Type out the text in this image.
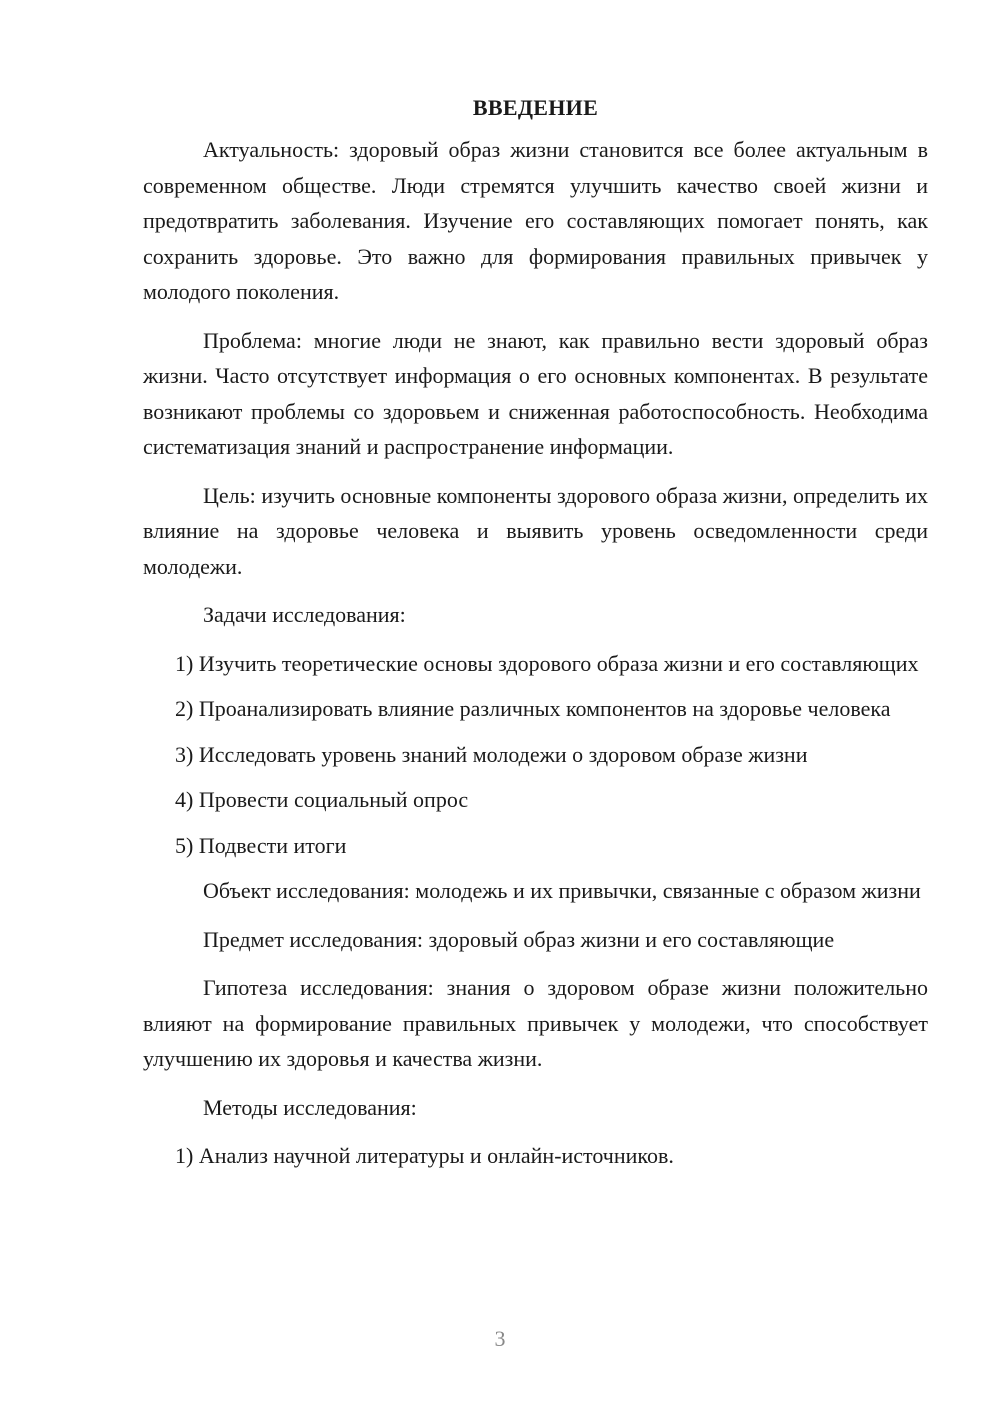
ВВЕДЕНИЕ

Актуальность: здоровый образ жизни становится все более актуальным в современном обществе. Люди стремятся улучшить качество своей жизни и предотвратить заболевания. Изучение его составляющих помогает понять, как сохранить здоровье. Это важно для формирования правильных привычек у молодого поколения.

Проблема: многие люди не знают, как правильно вести здоровый образ жизни. Часто отсутствует информация о его основных компонентах. В результате возникают проблемы со здоровьем и сниженная работоспособность. Необходима систематизация знаний и распространение информации.

Цель: изучить основные компоненты здорового образа жизни, определить их влияние на здоровье человека и выявить уровень осведомленности среди молодежи.

Задачи исследования:

1) Изучить теоретические основы здорового образа жизни и его составляющих

2) Проанализировать влияние различных компонентов на здоровье человека

3) Исследовать уровень знаний молодежи о здоровом образе жизни

4) Провести социальный опрос

5) Подвести итоги

Объект исследования: молодежь и их привычки, связанные с образом жизни

Предмет исследования: здоровый образ жизни и его составляющие

Гипотеза исследования: знания о здоровом образе жизни положительно влияют на формирование правильных привычек у молодежи, что способствует улучшению их здоровья и качества жизни.

Методы исследования:

1) Анализ научной литературы и онлайн-источников.

3
